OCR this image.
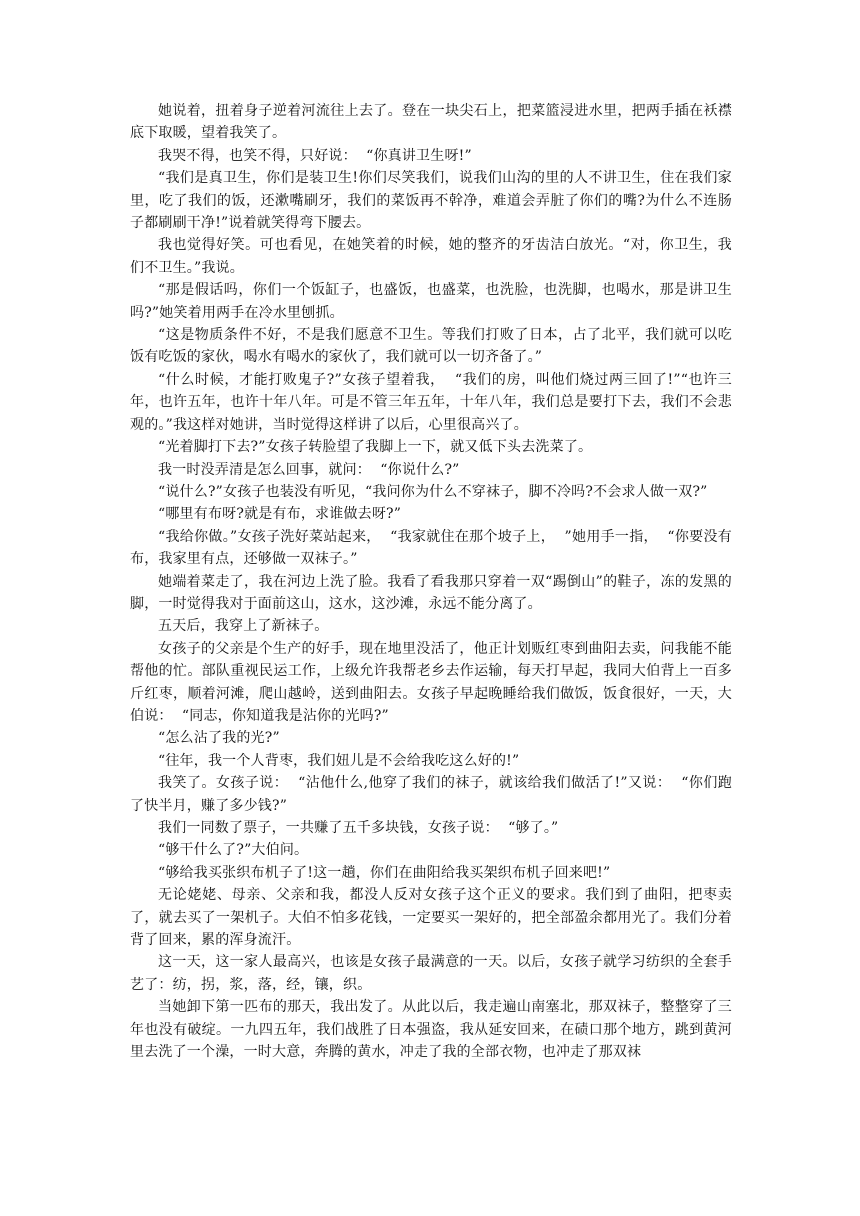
她说着，扭着身子逆着河流往上去了。登在一块尖石上，把菜篮浸进水里，把两手插在袄襟底下取暖，望着我笑了。

我哭不得，也笑不得，只好说：  “你真讲卫生呀!”

“我们是真卫生，你们是装卫生!你们尽笑我们，说我们山沟的里的人不讲卫生，住在我们家里，吃了我们的饭，还漱嘴刷牙，我们的菜饭再不幹净，难道会弄脏了你们的嘴?为什么不连肠子都刷刷干净!”说着就笑得弯下腰去。

我也觉得好笑。可也看见，在她笑着的时候，她的整齐的牙齿洁白放光。“对，你卫生，我们不卫生。”我说。

“那是假话吗，你们一个饭缸子，也盛饭，也盛菜，也洗脸，也洗脚，也喝水，那是讲卫生吗?”她笑着用两手在冷水里刨抓。

“这是物质条件不好，不是我们愿意不卫生。等我们打败了日本，占了北平，我们就可以吃饭有吃饭的家伙，喝水有喝水的家伙了，我们就可以一切齐备了。”

“什么时候，才能打败鬼子?”女孩子望着我，  “我们的房，叫他们烧过两三回了!”“也许三年，也许五年，也许十年八年。可是不管三年五年，十年八年，我们总是要打下去，我们不会悲观的。”我这样对她讲，当时觉得这样讲了以后，心里很高兴了。

“光着脚打下去?”女孩子转脸望了我脚上一下，就又低下头去洗菜了。

我一时没弄清是怎么回事，就问：  “你说什么?”

“说什么?”女孩子也装没有听见，“我问你为什么不穿袜子，脚不冷吗?不会求人做一双?”

“哪里有布呀?就是有布，求谁做去呀?”

“我给你做。”女孩子洗好菜站起来，  “我家就住在那个坡子上，  ”她用手一指，  “你要没有布，我家里有点，还够做一双袜子。”

她端着菜走了，我在河边上洗了脸。我看了看我那只穿着一双“踢倒山”的鞋子，冻的发黑的脚，一时觉得我对于面前这山，这水，这沙滩，永远不能分离了。

五天后，我穿上了新袜子。

女孩子的父亲是个生产的好手，现在地里没活了，他正计划贩红枣到曲阳去卖，问我能不能帮他的忙。部队重视民运工作，上级允许我帮老乡去作运输，每天打早起，我同大伯背上一百多斤红枣，顺着河滩，爬山越岭，送到曲阳去。女孩子早起晚睡给我们做饭，饭食很好，一天，大伯说：  “同志，你知道我是沾你的光吗?”

“怎么沾了我的光?”

“往年，我一个人背枣，我们妞儿是不会给我吃这么好的!”

我笑了。女孩子说：  “沾他什么,他穿了我们的袜子，就该给我们做活了!”又说：  “你们跑了快半月，赚了多少钱?”

我们一同数了票子，一共赚了五千多块钱，女孩子说：  “够了。”

“够干什么了?”大伯问。

“够给我买张织布机子了!这一趟，你们在曲阳给我买架织布机子回来吧!”

无论姥姥、母亲、父亲和我，都没人反对女孩子这个正义的要求。我们到了曲阳，把枣卖了，就去买了一架机子。大伯不怕多花钱，一定要买一架好的，把全部盈余都用光了。我们分着背了回来，累的浑身流汗。

这一天，这一家人最高兴，也该是女孩子最满意的一天。以后，女孩子就学习纺织的全套手艺了：纺，拐，浆，落，经，镶，织。

当她卸下第一匹布的那天，我出发了。从此以后，我走遍山南塞北，那双袜子，整整穿了三年也没有破绽。一九四五年，我们战胜了日本强盗，我从延安回来，在碛口那个地方，跳到黄河里去洗了一个澡，一时大意，奔腾的黄水，冲走了我的全部衣物，也冲走了那双袜
